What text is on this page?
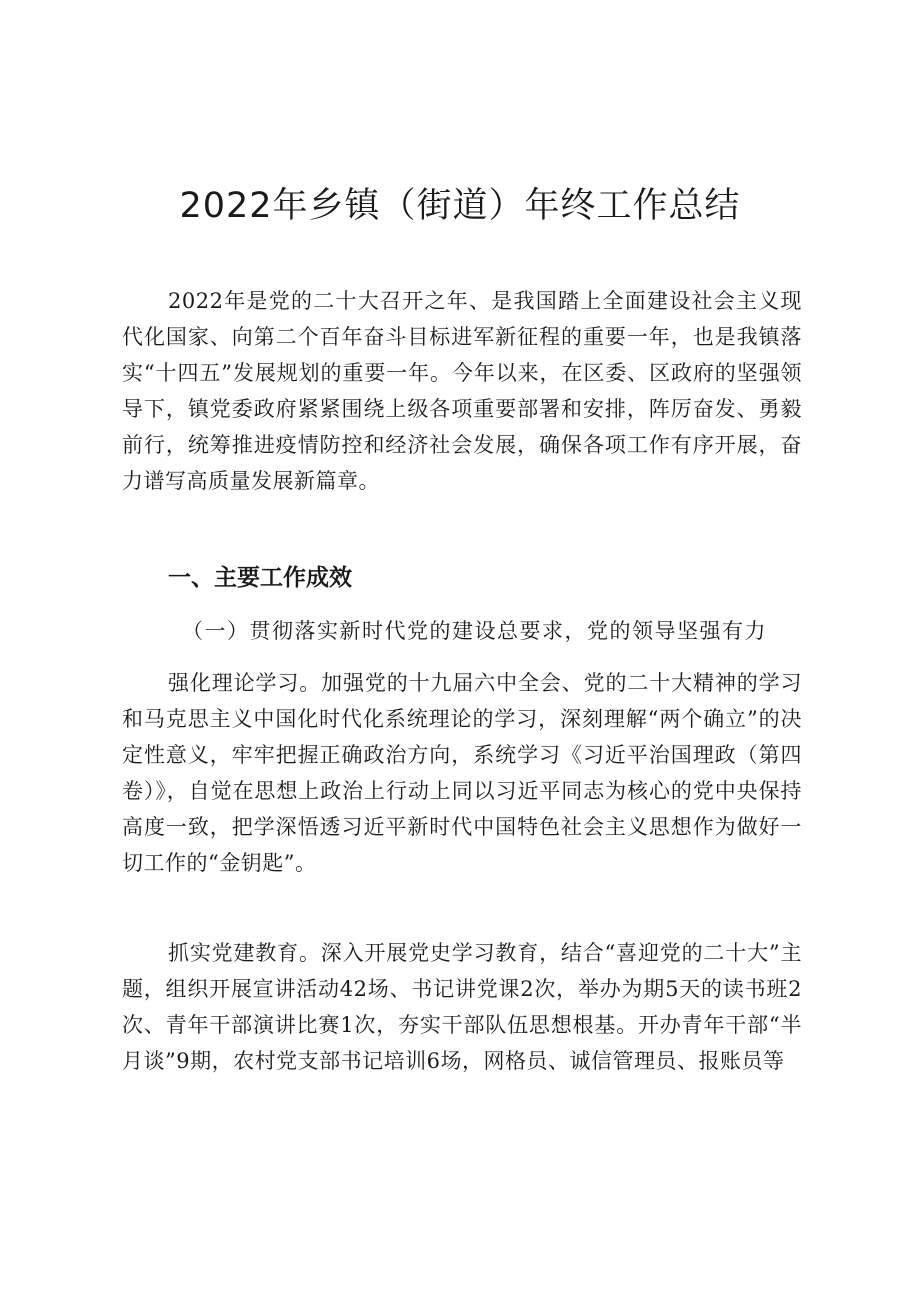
2022年乡镇（街道）年终工作总结

2022年是党的二十大召开之年、是我国踏上全面建设社会主义现代化国家、向第二个百年奋斗目标进军新征程的重要一年，也是我镇落实“十四五”发展规划的重要一年。今年以来，在区委、区政府的坚强领导下，镇党委政府紧紧围绕上级各项重要部署和安排，阵厉奋发、勇毅前行，统筹推进疫情防控和经济社会发展，确保各项工作有序开展，奋力谱写高质量发展新篇章。

一、主要工作成效
（一）贯彻落实新时代党的建设总要求，党的领导坚强有力

强化理论学习。加强党的十九届六中全会、党的二十大精神的学习和马克思主义中国化时代化系统理论的学习，深刻理解“两个确立”的决定性意义，牢牢把握正确政治方向，系统学习《习近平治国理政（第四卷）》，自觉在思想上政治上行动上同以习近平同志为核心的党中央保持高度一致，把学深悟透习近平新时代中国特色社会主义思想作为做好一切工作的“金钥匙”。

抓实党建教育。深入开展党史学习教育，结合“喜迎党的二十大”主题，组织开展宣讲活动42场、书记讲党课2次，举办为期5天的读书班2次、青年干部演讲比赛1次，夯实干部队伍思想根基。开办青年干部“半月谈”9期，农村党支部书记培训6场，网格员、诚信管理员、报账员等
